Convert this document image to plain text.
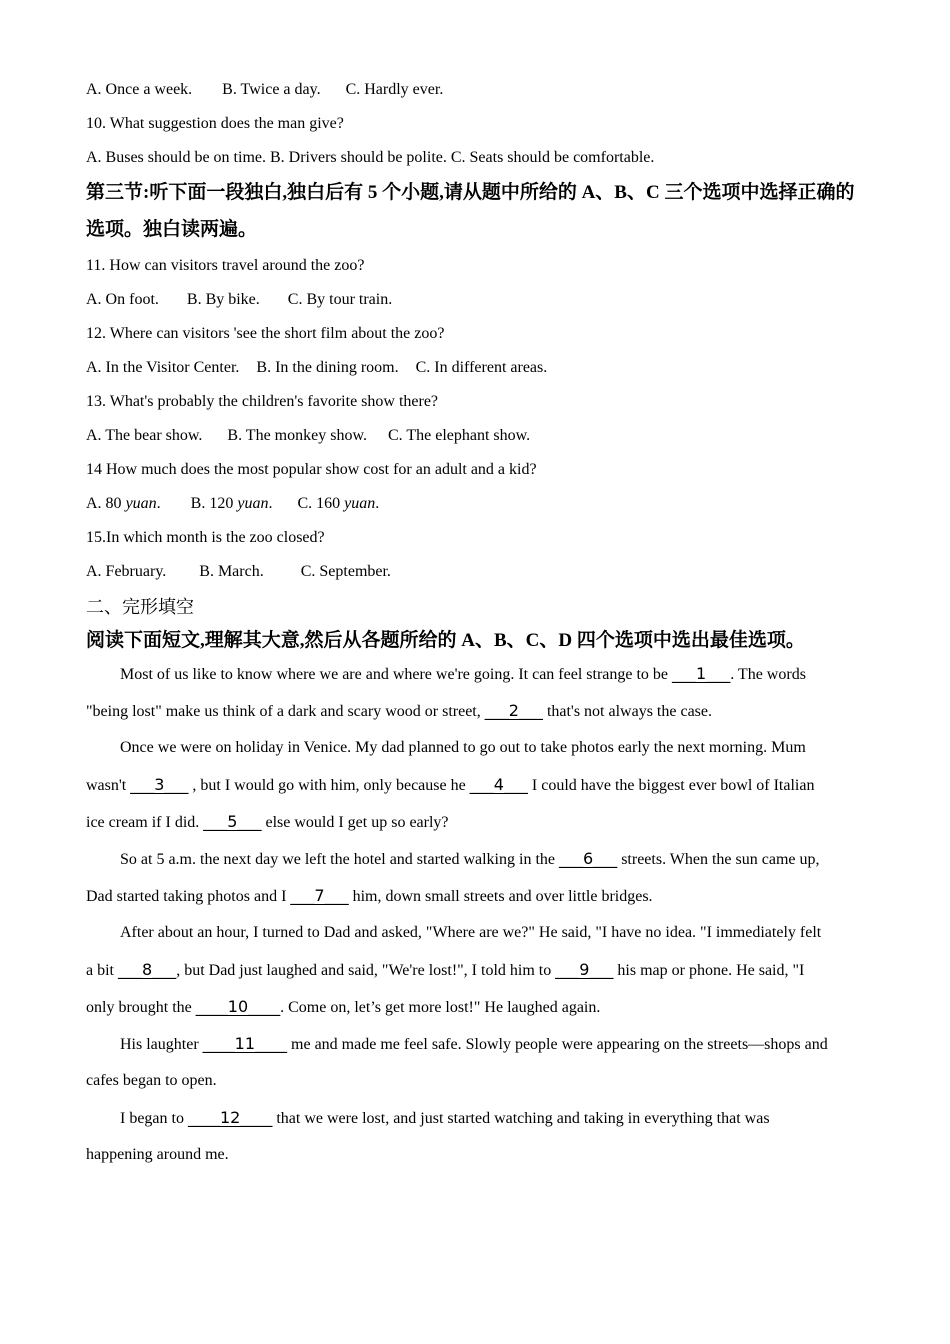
A. Once a week. B. Twice a day. C. Hardly ever.
10. What suggestion does the man give?
A. Buses should be on time. B. Drivers should be polite. C. Seats should be comfortable.
第三节:听下面一段独白,独白后有 5 个小题,请从题中所给的 A、B、C 三个选项中选择正确的
选项。独白读两遍。
11. How can visitors travel around the zoo?
A. On foot. B. By bike. C. By tour train.
12. Where can visitors 'see the short film about the zoo?
A. In the Visitor Center. B. In the dining room. C. In different areas.
13. What's probably the children's favorite show there?
A. The bear show. B. The monkey show. C. The elephant show.
14 How much does the most popular show cost for an adult and a kid?
A. 80 yuan. B. 120 yuan. C. 160 yuan.
15.In which month is the zoo closed?
A. February. B. March. C. September.
二、完形填空
阅读下面短文,理解其大意,然后从各题所给的 A、B、C、D 四个选项中选出最佳选项。
Most of us like to know where we are and where we're going. It can feel strange to be ___1___. The words
"being lost" make us think of a dark and scary wood or street, ___2___ that's not always the case.
Once we were on holiday in Venice. My dad planned to go out to take photos early the next morning. Mum
wasn't ___3___ , but I would go with him, only because he ___4___ I could have the biggest ever bowl of Italian
ice cream if I did. ___5___ else would I get up so early?
So at 5 a.m. the next day we left the hotel and started walking in the ___6___ streets. When the sun came up,
Dad started taking photos and I ___7___ him, down small streets and over little bridges.
After about an hour, I turned to Dad and asked, "Where are we?" He said, "I have no idea. "I immediately felt
a bit ___8___, but Dad just laughed and said, "We're lost!", I told him to ___9___ his map or phone. He said, "I
only brought the ____10____. Come on, let’s get more lost!" He laughed again.
His laughter ____11____ me and made me feel safe. Slowly people were appearing on the streets—shops and
cafes began to open.
I began to ____12____ that we were lost, and just started watching and taking in everything that was
happening around me.
